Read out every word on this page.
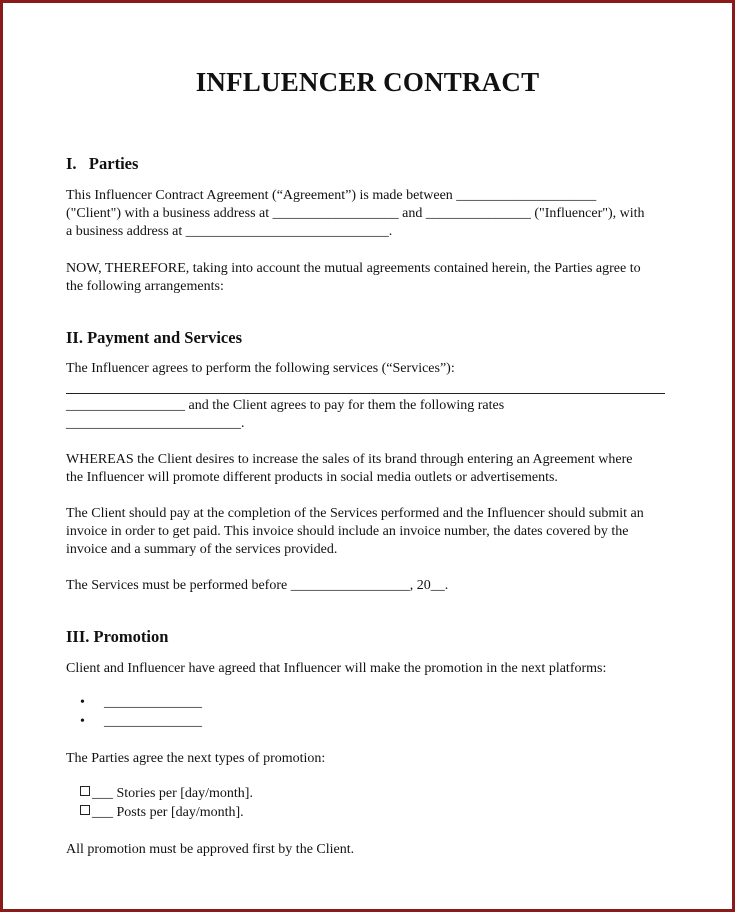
INFLUENCER CONTRACT
I.   Parties

This Influencer Contract Agreement (“Agreement”) is made between ____________________
("Client") with a business address at __________________ and _______________ ("Influencer"), with
a business address at _____________________________.

NOW, THEREFORE, taking into account the mutual agreements contained herein, the Parties agree to
the following arrangements:

II. Payment and Services

The Influencer agrees to perform the following services (“Services”):

_________________ and the Client agrees to pay for them the following rates
_________________________.

WHEREAS the Client desires to increase the sales of its brand through entering an Agreement where
the Influencer will promote different products in social media outlets or advertisements.

The Client should pay at the completion of the Services performed and the Influencer should submit an
invoice in order to get paid. This invoice should include an invoice number, the dates covered by the
invoice and a summary of the services provided.

The Services must be performed before _________________, 20__.

III. Promotion

Client and Influencer have agreed that Influencer will make the promotion in the next platforms:

• ______________
• ______________

The Parties agree the next types of promotion:

___ Stories per [day/month].
___ Posts per [day/month].

All promotion must be approved first by the Client.
